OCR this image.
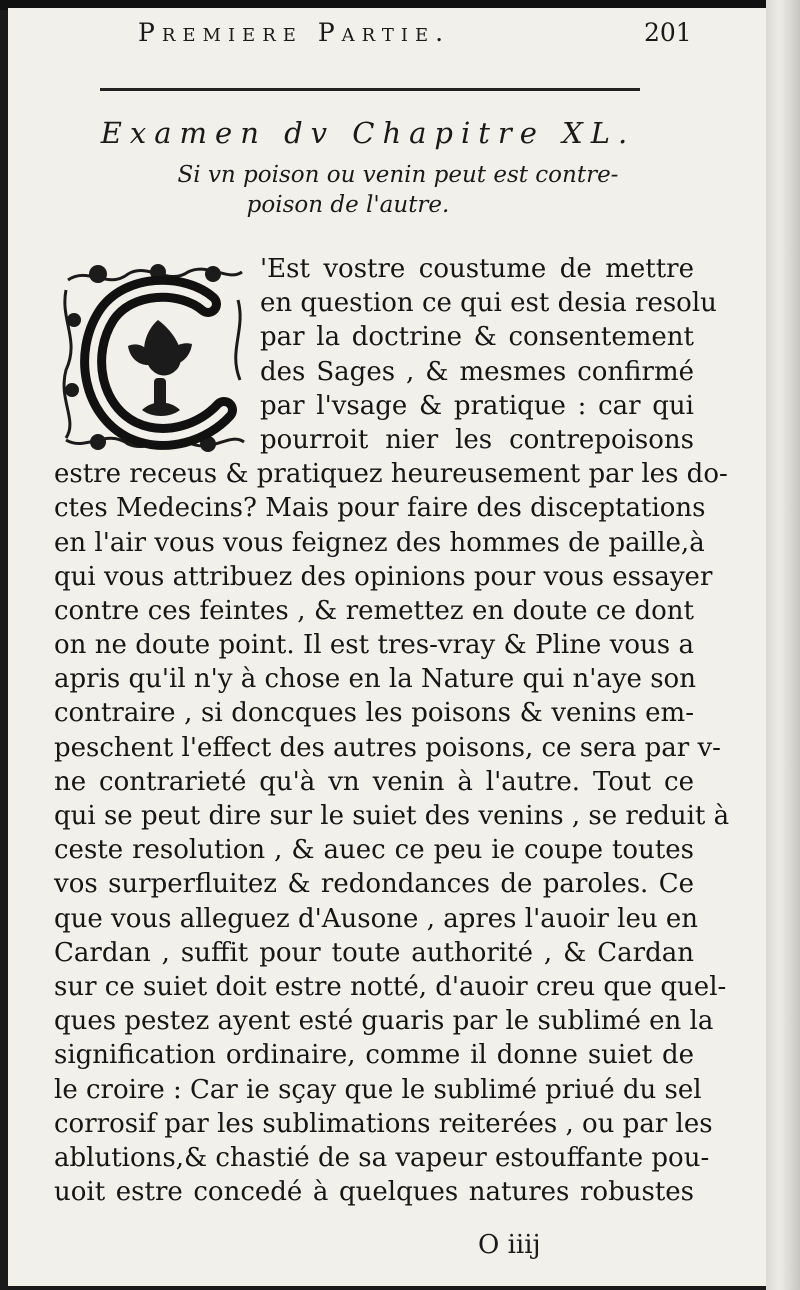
Premiere Partie.	201
Examen dv Chapitre XL.
Si vn poison ou venin peut est contre-
poison de l'autre.
'Est vostre coustume de mettre
en question ce qui est desia resolu
par la doctrine & consentement
des Sages , & mesmes confirmé
par l'vsage & pratique : car qui
pourroit nier les contrepoisons
estre receus & pratiquez heureusement par les do-
ctes Medecins? Mais pour faire des disceptations
en l'air vous vous feignez des hommes de paille,à
qui vous attribuez des opinions pour vous essayer
contre ces feintes , & remettez en doute ce dont
on ne doute point. Il est tres-vray & Pline vous a
apris qu'il n'y à chose en la Nature qui n'aye son
contraire , si doncques les poisons & venins em-
peschent l'effect des autres poisons, ce sera par v-
ne contrarieté qu'à vn venin à l'autre. Tout ce
qui se peut dire sur le suiet des venins , se reduit à
ceste resolution , & auec ce peu ie coupe toutes
vos surperfluitez & redondances de paroles. Ce
que vous alleguez d'Ausone , apres l'auoir leu en
Cardan , suffit pour toute authorité , & Cardan
sur ce suiet doit estre notté, d'auoir creu que quel-
ques pestez ayent esté guaris par le sublimé en la
signification ordinaire, comme il donne suiet de
le croire : Car ie sçay que le sublimé priué du sel
corrosif par les sublimations reiterées , ou par les
ablutions,& chastié de sa vapeur estouffante pou-
uoit estre concedé à quelques natures robustes
O iiij
